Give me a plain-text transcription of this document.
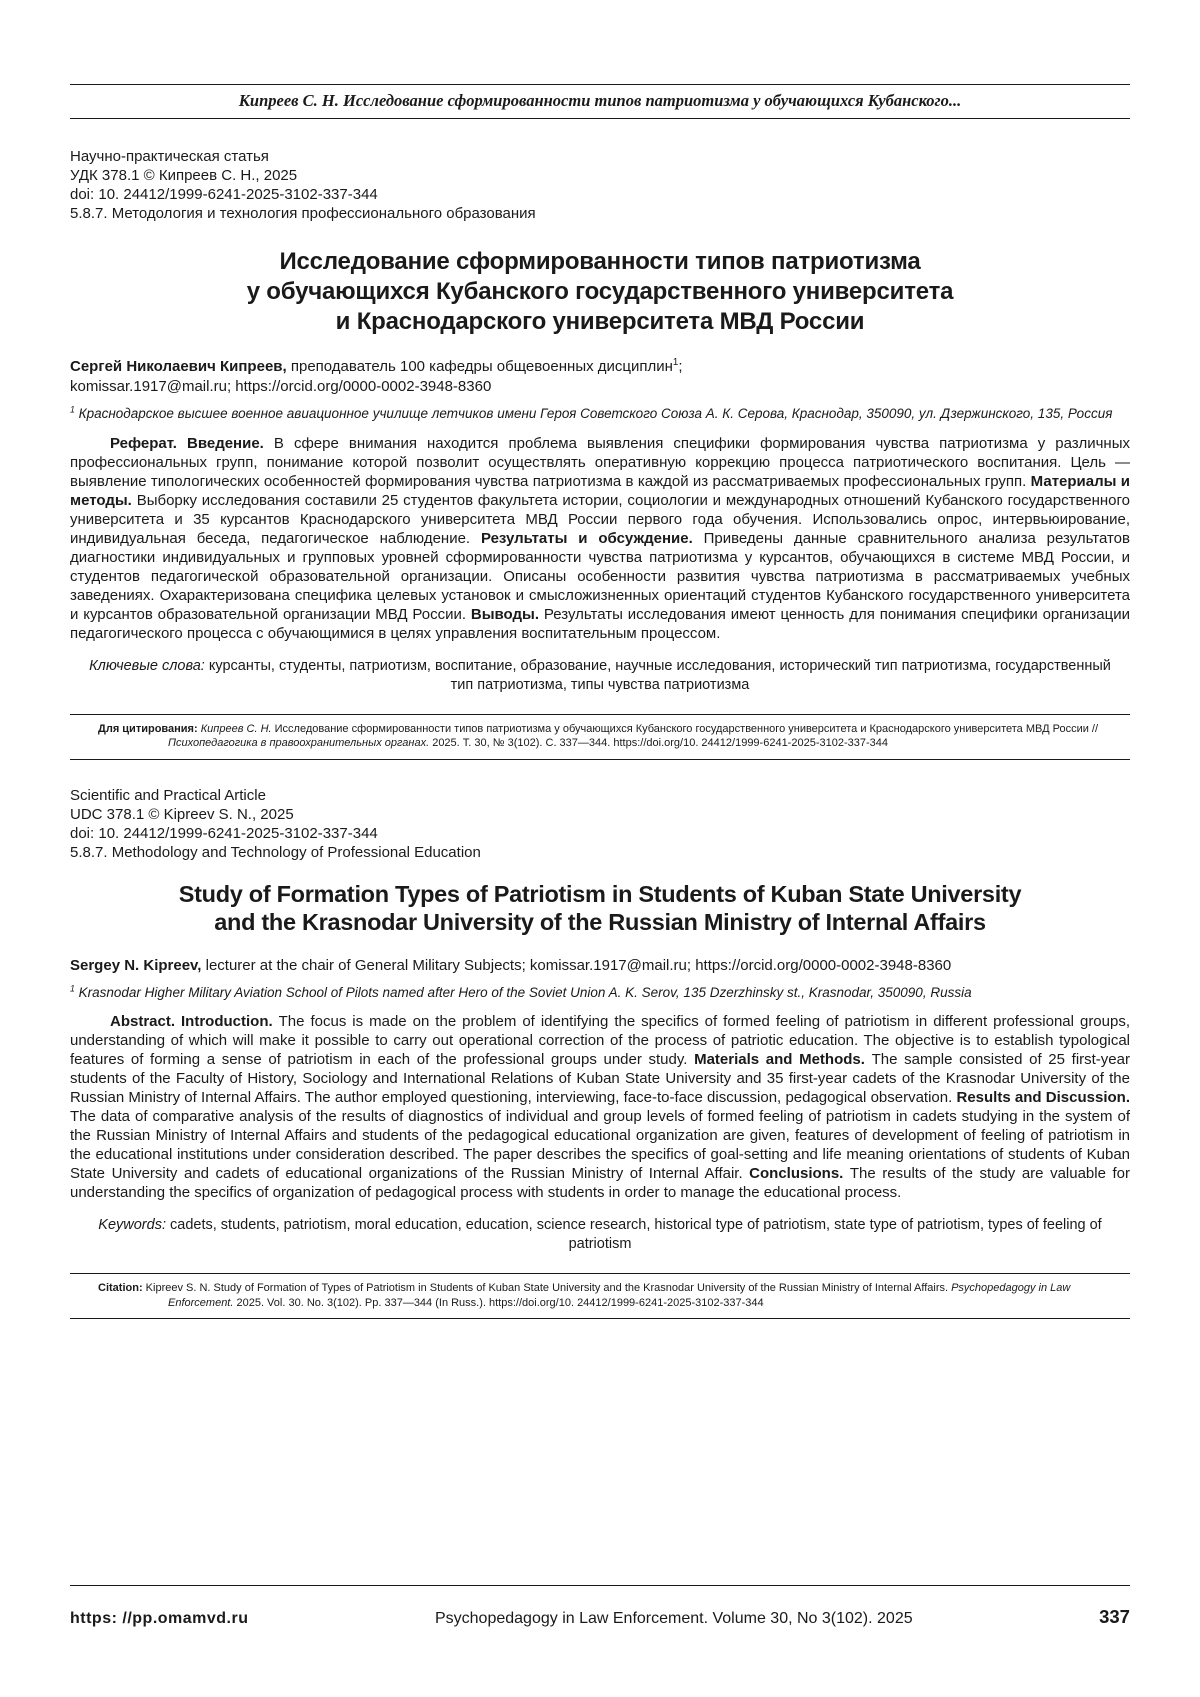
Кипреев С. Н. Исследование сформированности типов патриотизма у обучающихся Кубанского...
Научно-практическая статья
УДК 378.1 © Кипреев С. Н., 2025
doi: 10. 24412/1999-6241-2025-3102-337-344
5.8.7. Методология и технология профессионального образования
Исследование сформированности типов патриотизма
у обучающихся Кубанского государственного университета
и Краснодарского университета МВД России

Сергей Николаевич Кипреев, преподаватель 100 кафедры общевоенных дисциплин$^1$;

komissar.1917@mail.ru; https://orcid.org/0000-0002-3948-8360

$^1$ Краснодарское высшее военное авиационное училище летчиков имени Героя Советского Союза А. К. Серова, Краснодар, 350090, ул. Дзержинского, 135, Россия

Реферат. Введение. В сфере внимания находится проблема выявления специфики формирования чувства патриотизма у различных профессиональных групп, понимание которой позволит осуществлять оперативную коррекцию процесса патриотического воспитания. Цель — выявление типологических особенностей формирования чувства патриотизма в каждой из рассматриваемых профессиональных групп. Материалы и методы. Выборку исследования составили 25 студентов факультета истории, социологии и международных отношений Кубанского государственного университета и 35 курсантов Краснодарского университета МВД России первого года обучения. Использовались опрос, интервьюирование, индивидуальная беседа, педагогическое наблюдение. Результаты и обсуждение. Приведены данные сравнительного анализа результатов диагностики индивидуальных и групповых уровней сформированности чувства патриотизма у курсантов, обучающихся в системе МВД России, и студентов педагогической образовательной организации. Описаны особенности развития чувства патриотизма в рассматриваемых учебных заведениях. Охарактеризована специфика целевых установок и смысложизненных ориентаций студентов Кубанского государственного университета и курсантов образовательной организации МВД России. Выводы. Результаты исследования имеют ценность для понимания специфики организации педагогического процесса с обучающимися в целях управления воспитательным процессом.

Ключевые слова: курсанты, студенты, патриотизм, воспитание, образование, научные исследования, исторический тип патриотизма, государственный тип патриотизма, типы чувства патриотизма

Для цитирования: Кипреев С. Н. Исследование сформированности типов патриотизма у обучающихся Кубанского государственного университета и Краснодарского университета МВД России // Психопедагогика в правоохранительных органах. 2025. Т. 30, № 3(102). С. 337—344. https://doi.org/10. 24412/1999-6241-2025-3102-337-344

Scientific and Practical Article
UDC 378.1 © Kipreev S. N., 2025
doi: 10. 24412/1999-6241-2025-3102-337-344
5.8.7. Methodology and Technology of Professional Education
Study of Formation Types of Patriotism in Students of Kuban State University
and the Krasnodar University of the Russian Ministry of Internal Affairs

Sergey N. Kipreev, lecturer at the chair of General Military Subjects; komissar.1917@mail.ru; https://orcid.org/0000-0002-3948-8360

$^1$ Krasnodar Higher Military Aviation School of Pilots named after Hero of the Soviet Union A. K. Serov, 135 Dzerzhinsky st., Krasnodar, 350090, Russia

Abstract. Introduction. The focus is made on the problem of identifying the specifics of formed feeling of patriotism in different professional groups, understanding of which will make it possible to carry out operational correction of the process of patriotic education. The objective is to establish typological features of forming a sense of patriotism in each of the professional groups under study. Materials and Methods. The sample consisted of 25 first-year students of the Faculty of History, Sociology and International Relations of Kuban State University and 35 first-year cadets of the Krasnodar University of the Russian Ministry of Internal Affairs. The author employed questioning, interviewing, face-to-face discussion, pedagogical observation. Results and Discussion. The data of comparative analysis of the results of diagnostics of individual and group levels of formed feeling of patriotism in cadets studying in the system of the Russian Ministry of Internal Affairs and students of the pedagogical educational organization are given, features of development of feeling of patriotism in the educational institutions under consideration described. The paper describes the specifics of goal-setting and life meaning orientations of students of Kuban State University and cadets of educational organizations of the Russian Ministry of Internal Affair. Conclusions. The results of the study are valuable for understanding the specifics of organization of pedagogical process with students in order to manage the educational process.

Keywords: cadets, students, patriotism, moral education, education, science research, historical type of patriotism, state type of patriotism, types of feeling of patriotism

Citation: Kipreev S. N. Study of Formation of Types of Patriotism in Students of Kuban State University and the Krasnodar University of the Russian Ministry of Internal Affairs. Psychopedagogy in Law Enforcement. 2025. Vol. 30. No. 3(102). Pp. 337—344 (In Russ.). https://doi.org/10. 24412/1999-6241-2025-3102-337-344

https: //pp.omamvd.ru	Psychopedagogy in Law Enforcement. Volume 30, No 3(102). 2025	337
